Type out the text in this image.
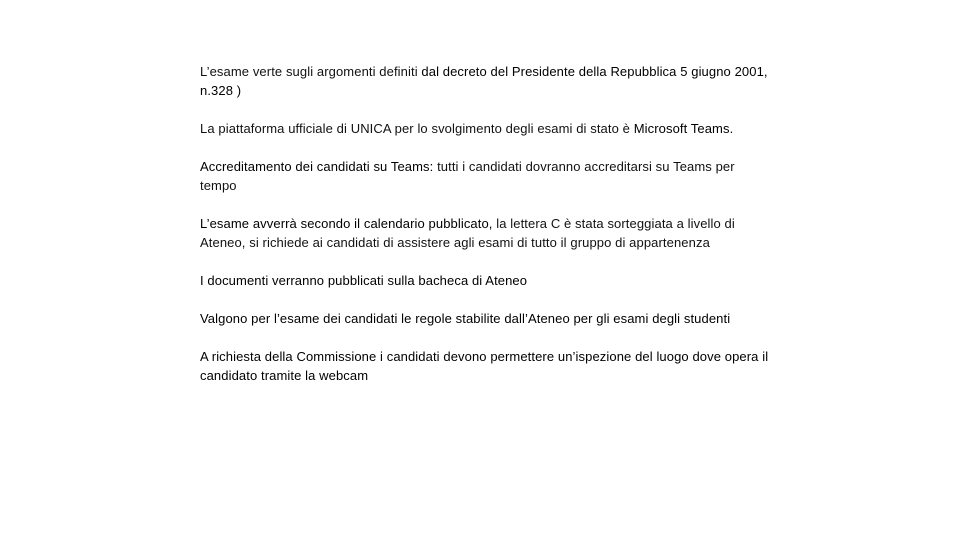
L’esame verte sugli argomenti definiti dal decreto del Presidente della Repubblica 5 giugno 2001, n.328 )

La piattaforma ufficiale di UNICA per lo svolgimento degli esami di stato è Microsoft Teams.

Accreditamento dei candidati su Teams: tutti i candidati dovranno accreditarsi su Teams per tempo

L’esame avverrà secondo il calendario pubblicato, la lettera C è stata sorteggiata a livello di Ateneo, si richiede ai candidati di assistere agli esami di tutto il gruppo di appartenenza

I documenti verranno pubblicati sulla bacheca di Ateneo

Valgono per l’esame dei candidati le regole stabilite dall’Ateneo per gli esami degli studenti

A richiesta della Commissione i candidati devono permettere un’ispezione del luogo dove opera il candidato tramite la webcam
